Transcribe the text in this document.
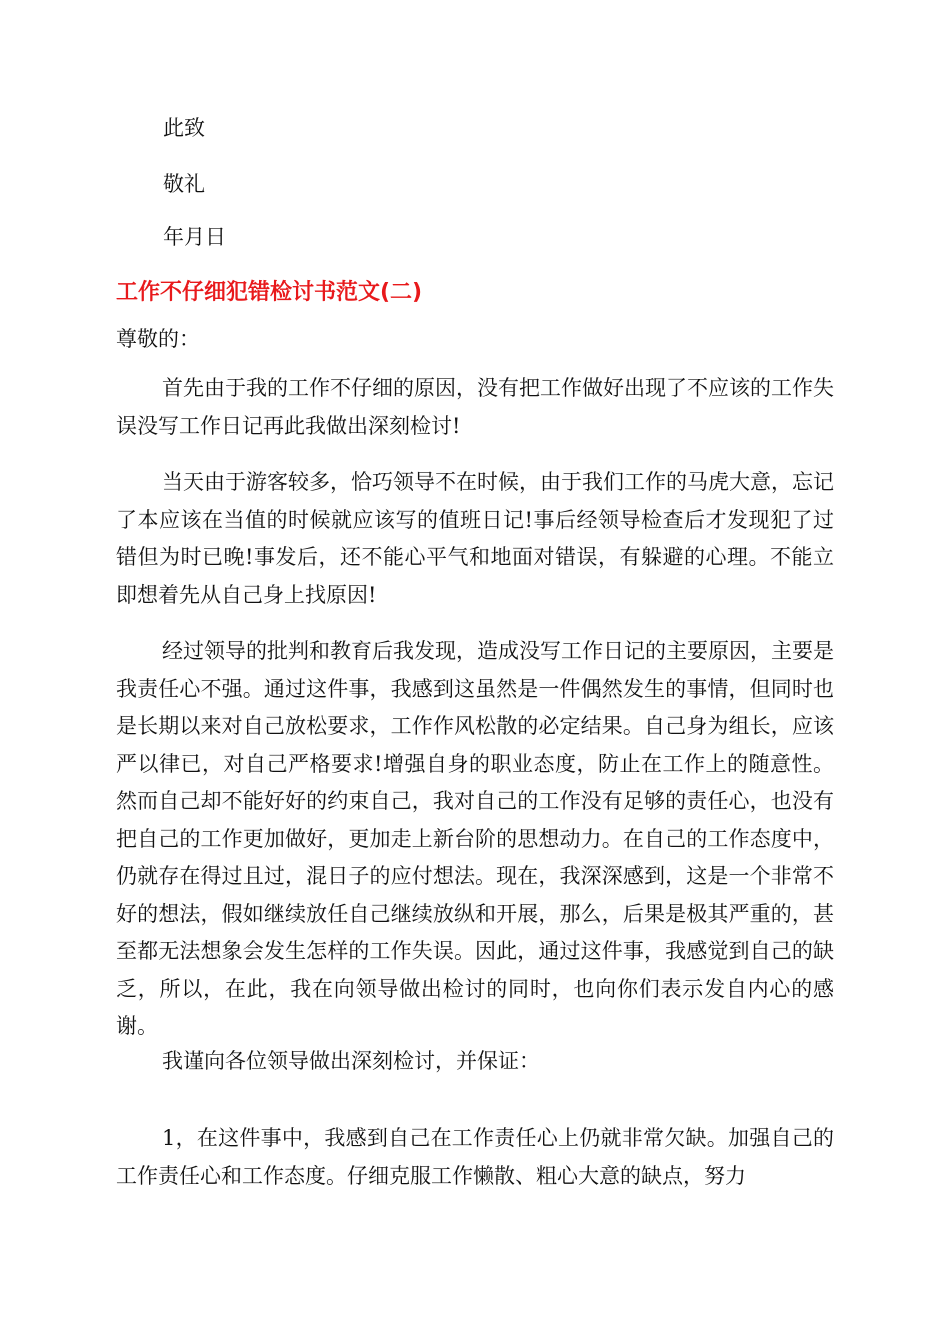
此致
敬礼
年月日
工作不仔细犯错检讨书范文(二)
尊敬的：

首先由于我的工作不仔细的原因，没有把工作做好出现了不应该的工作失误没写工作日记再此我做出深刻检讨!

当天由于游客较多，恰巧领导不在时候，由于我们工作的马虎大意，忘记了本应该在当值的时候就应该写的值班日记!事后经领导检查后才发现犯了过错但为时已晚!事发后，还不能心平气和地面对错误，有躲避的心理。不能立即想着先从自己身上找原因!

经过领导的批判和教育后我发现，造成没写工作日记的主要原因，主要是我责任心不强。通过这件事，我感到这虽然是一件偶然发生的事情，但同时也是长期以来对自己放松要求，工作作风松散的必定结果。自己身为组长，应该严以律已，对自己严格要求!增强自身的职业态度，防止在工作上的随意性。然而自己却不能好好的约束自己，我对自己的工作没有足够的责任心，也没有把自己的工作更加做好，更加走上新台阶的思想动力。在自己的工作态度中，仍就存在得过且过，混日子的应付想法。现在，我深深感到，这是一个非常不好的想法，假如继续放任自己继续放纵和开展，那么，后果是极其严重的，甚至都无法想象会发生怎样的工作失误。因此，通过这件事，我感觉到自己的缺乏，所以，在此，我在向领导做出检讨的同时，也向你们表示发自内心的感谢。

我谨向各位领导做出深刻检讨，并保证：

1，在这件事中，我感到自己在工作责任心上仍就非常欠缺。加强自己的工作责任心和工作态度。仔细克服工作懒散、粗心大意的缺点，努力
